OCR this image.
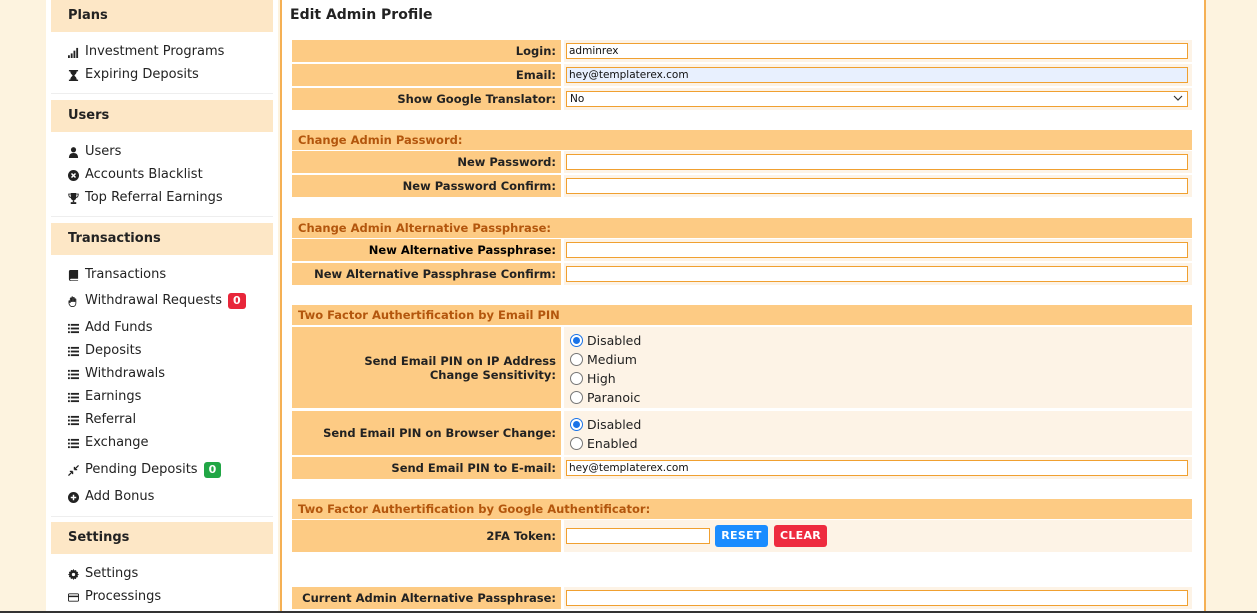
Plans
Investment Programs
Expiring Deposits
Users
Users
Accounts Blacklist
Top Referral Earnings
Transactions
Transactions
Withdrawal Requests	0
Add Funds
Deposits
Withdrawals
Earnings
Referral
Exchange
Pending Deposits	0
Add Bonus
Settings
Settings
Processings
Edit Admin Profile
Login:
adminrex
Email:
hey@templaterex.com
Show Google Translator:	No
Change Admin Password:
New Password:
New Password Confirm:
Change Admin Alternative Passphrase:
New Alternative Passphrase:
New Alternative Passphrase Confirm:
Two Factor Authertification by Email PIN
Send Email PIN on IP Address Change Sensitivity:
Disabled
Medium
High
Paranoic
Send Email PIN on Browser Change:
Disabled
Enabled
Send Email PIN to E-mail:
hey@templaterex.com
Two Factor Authertification by Google Authentificator:
2FA Token:	RESET	CLEAR
Current Admin Alternative Passphrase:
